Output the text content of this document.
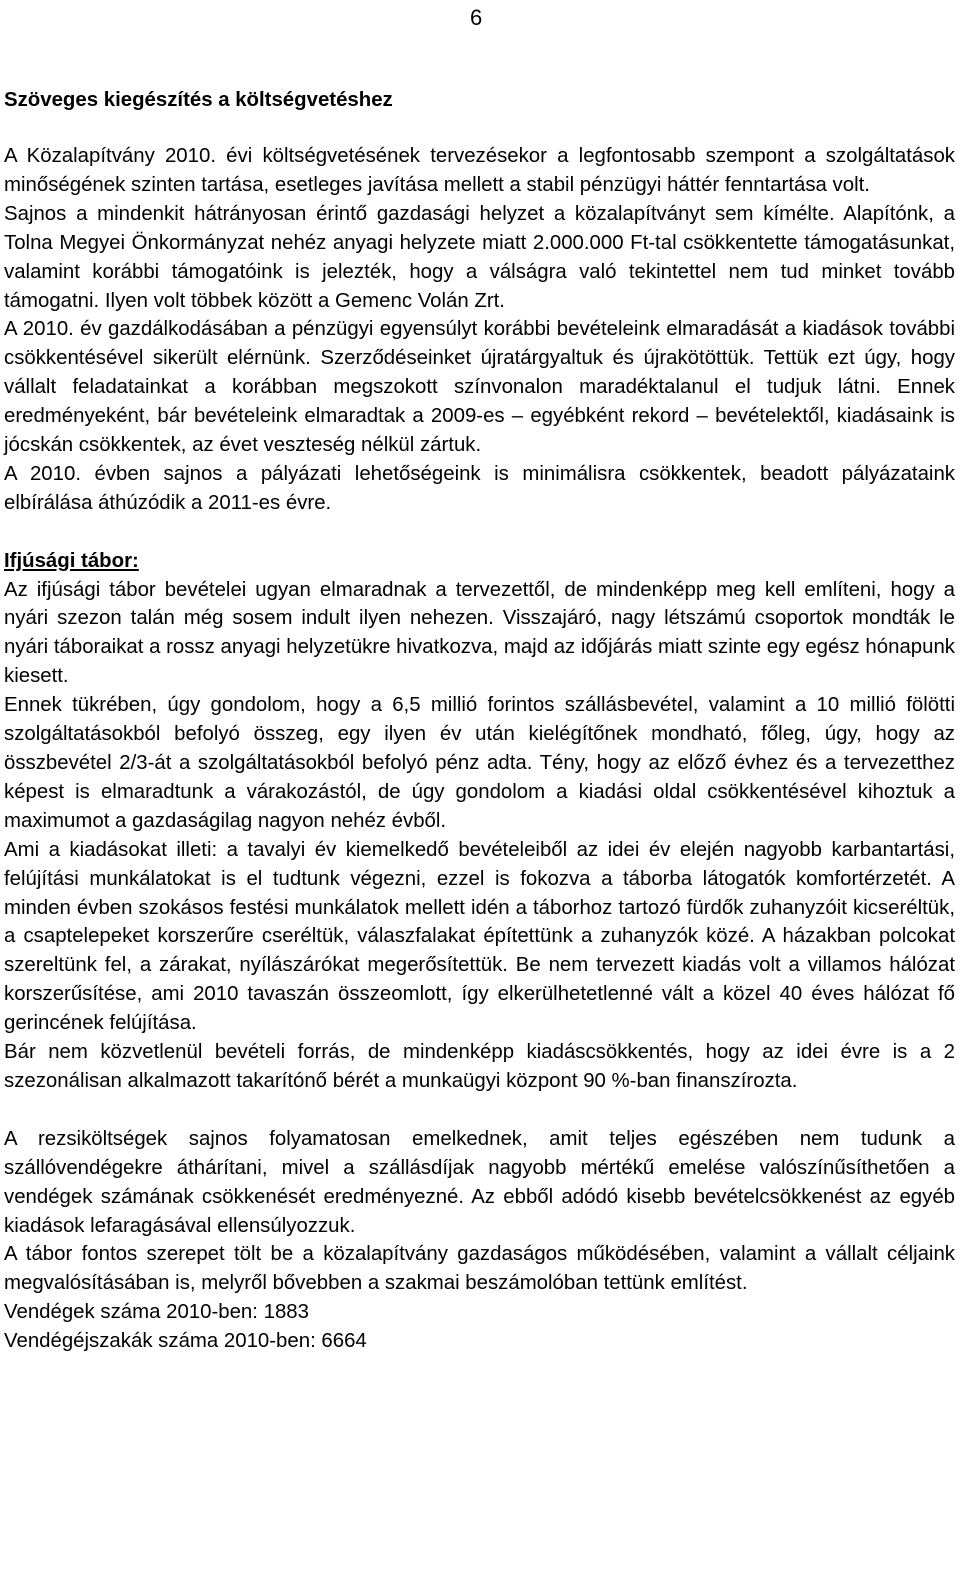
6
Szöveges kiegészítés a költségvetéshez

A Közalapítvány 2010. évi költségvetésének tervezésekor a legfontosabb szempont a szolgáltatások minőségének szinten tartása, esetleges javítása mellett a stabil pénzügyi háttér fenntartása volt.

Sajnos a mindenkit hátrányosan érintő gazdasági helyzet a közalapítványt sem kímélte. Alapítónk, a Tolna Megyei Önkormányzat nehéz anyagi helyzete miatt 2.000.000 Ft-tal csökkentette támogatásunkat, valamint korábbi támogatóink is jelezték, hogy a válságra való tekintettel nem tud minket tovább támogatni. Ilyen volt többek között a Gemenc Volán Zrt.

A 2010. év gazdálkodásában a pénzügyi egyensúlyt korábbi bevételeink elmaradását a kiadások további csökkentésével sikerült elérnünk. Szerződéseinket újratárgyaltuk és újrakötöttük. Tettük ezt úgy, hogy vállalt feladatainkat a korábban megszokott színvonalon maradéktalanul el tudjuk látni. Ennek eredményeként, bár bevételeink elmaradtak a 2009-es – egyébként rekord – bevételektől, kiadásaink is jócskán csökkentek, az évet veszteség nélkül zártuk.

A 2010. évben sajnos a pályázati lehetőségeink is minimálisra csökkentek, beadott pályázataink elbírálása áthúzódik a 2011-es évre.

Ifjúsági tábor:

Az ifjúsági tábor bevételei ugyan elmaradnak a tervezettől, de mindenképp meg kell említeni, hogy a nyári szezon talán még sosem indult ilyen nehezen. Visszajáró, nagy létszámú csoportok mondták le nyári táboraikat a rossz anyagi helyzetükre hivatkozva, majd az időjárás miatt szinte egy egész hónapunk kiesett.

Ennek tükrében, úgy gondolom, hogy a 6,5 millió forintos szállásbevétel, valamint a 10 millió fölötti szolgáltatásokból befolyó összeg, egy ilyen év után kielégítőnek mondható, főleg, úgy, hogy az összbevétel 2/3-át a szolgáltatásokból befolyó pénz adta. Tény, hogy az előző évhez és a tervezetthez képest is elmaradtunk a várakozástól, de úgy gondolom a kiadási oldal csökkentésével kihoztuk a maximumot a gazdaságilag nagyon nehéz évből.

Ami a kiadásokat illeti: a tavalyi év kiemelkedő bevételeiből az idei év elején nagyobb karbantartási, felújítási munkálatokat is el tudtunk végezni, ezzel is fokozva a táborba látogatók komfortérzetét. A minden évben szokásos festési munkálatok mellett idén a táborhoz tartozó fürdők zuhanyzóit kicseréltük, a csaptelepeket korszerűre cseréltük, válaszfalakat építettünk a zuhanyzók közé. A házakban polcokat szereltünk fel, a zárakat, nyílászárókat megerősítettük. Be nem tervezett kiadás volt a villamos hálózat korszerűsítése, ami 2010 tavaszán összeomlott, így elkerülhetetlenné vált a közel 40 éves hálózat fő gerincének felújítása.

Bár nem közvetlenül bevételi forrás, de mindenképp kiadáscsökkentés, hogy az idei évre is a 2 szezonálisan alkalmazott takarítónő bérét a munkaügyi központ 90 %-ban finanszírozta.

A rezsiköltségek sajnos folyamatosan emelkednek, amit teljes egészében nem tudunk a szállóvendégekre áthárítani, mivel a szállásdíjak nagyobb mértékű emelése valószínűsíthetően a vendégek számának csökkenését eredményezné. Az ebből adódó kisebb bevételcsökkenést az egyéb kiadások lefaragásával ellensúlyozzuk.

A tábor fontos szerepet tölt be a közalapítvány gazdaságos működésében, valamint a vállalt céljaink megvalósításában is, melyről bővebben a szakmai beszámolóban tettünk említést.

Vendégek száma 2010-ben: 1883

Vendégéjszakák száma 2010-ben: 6664
